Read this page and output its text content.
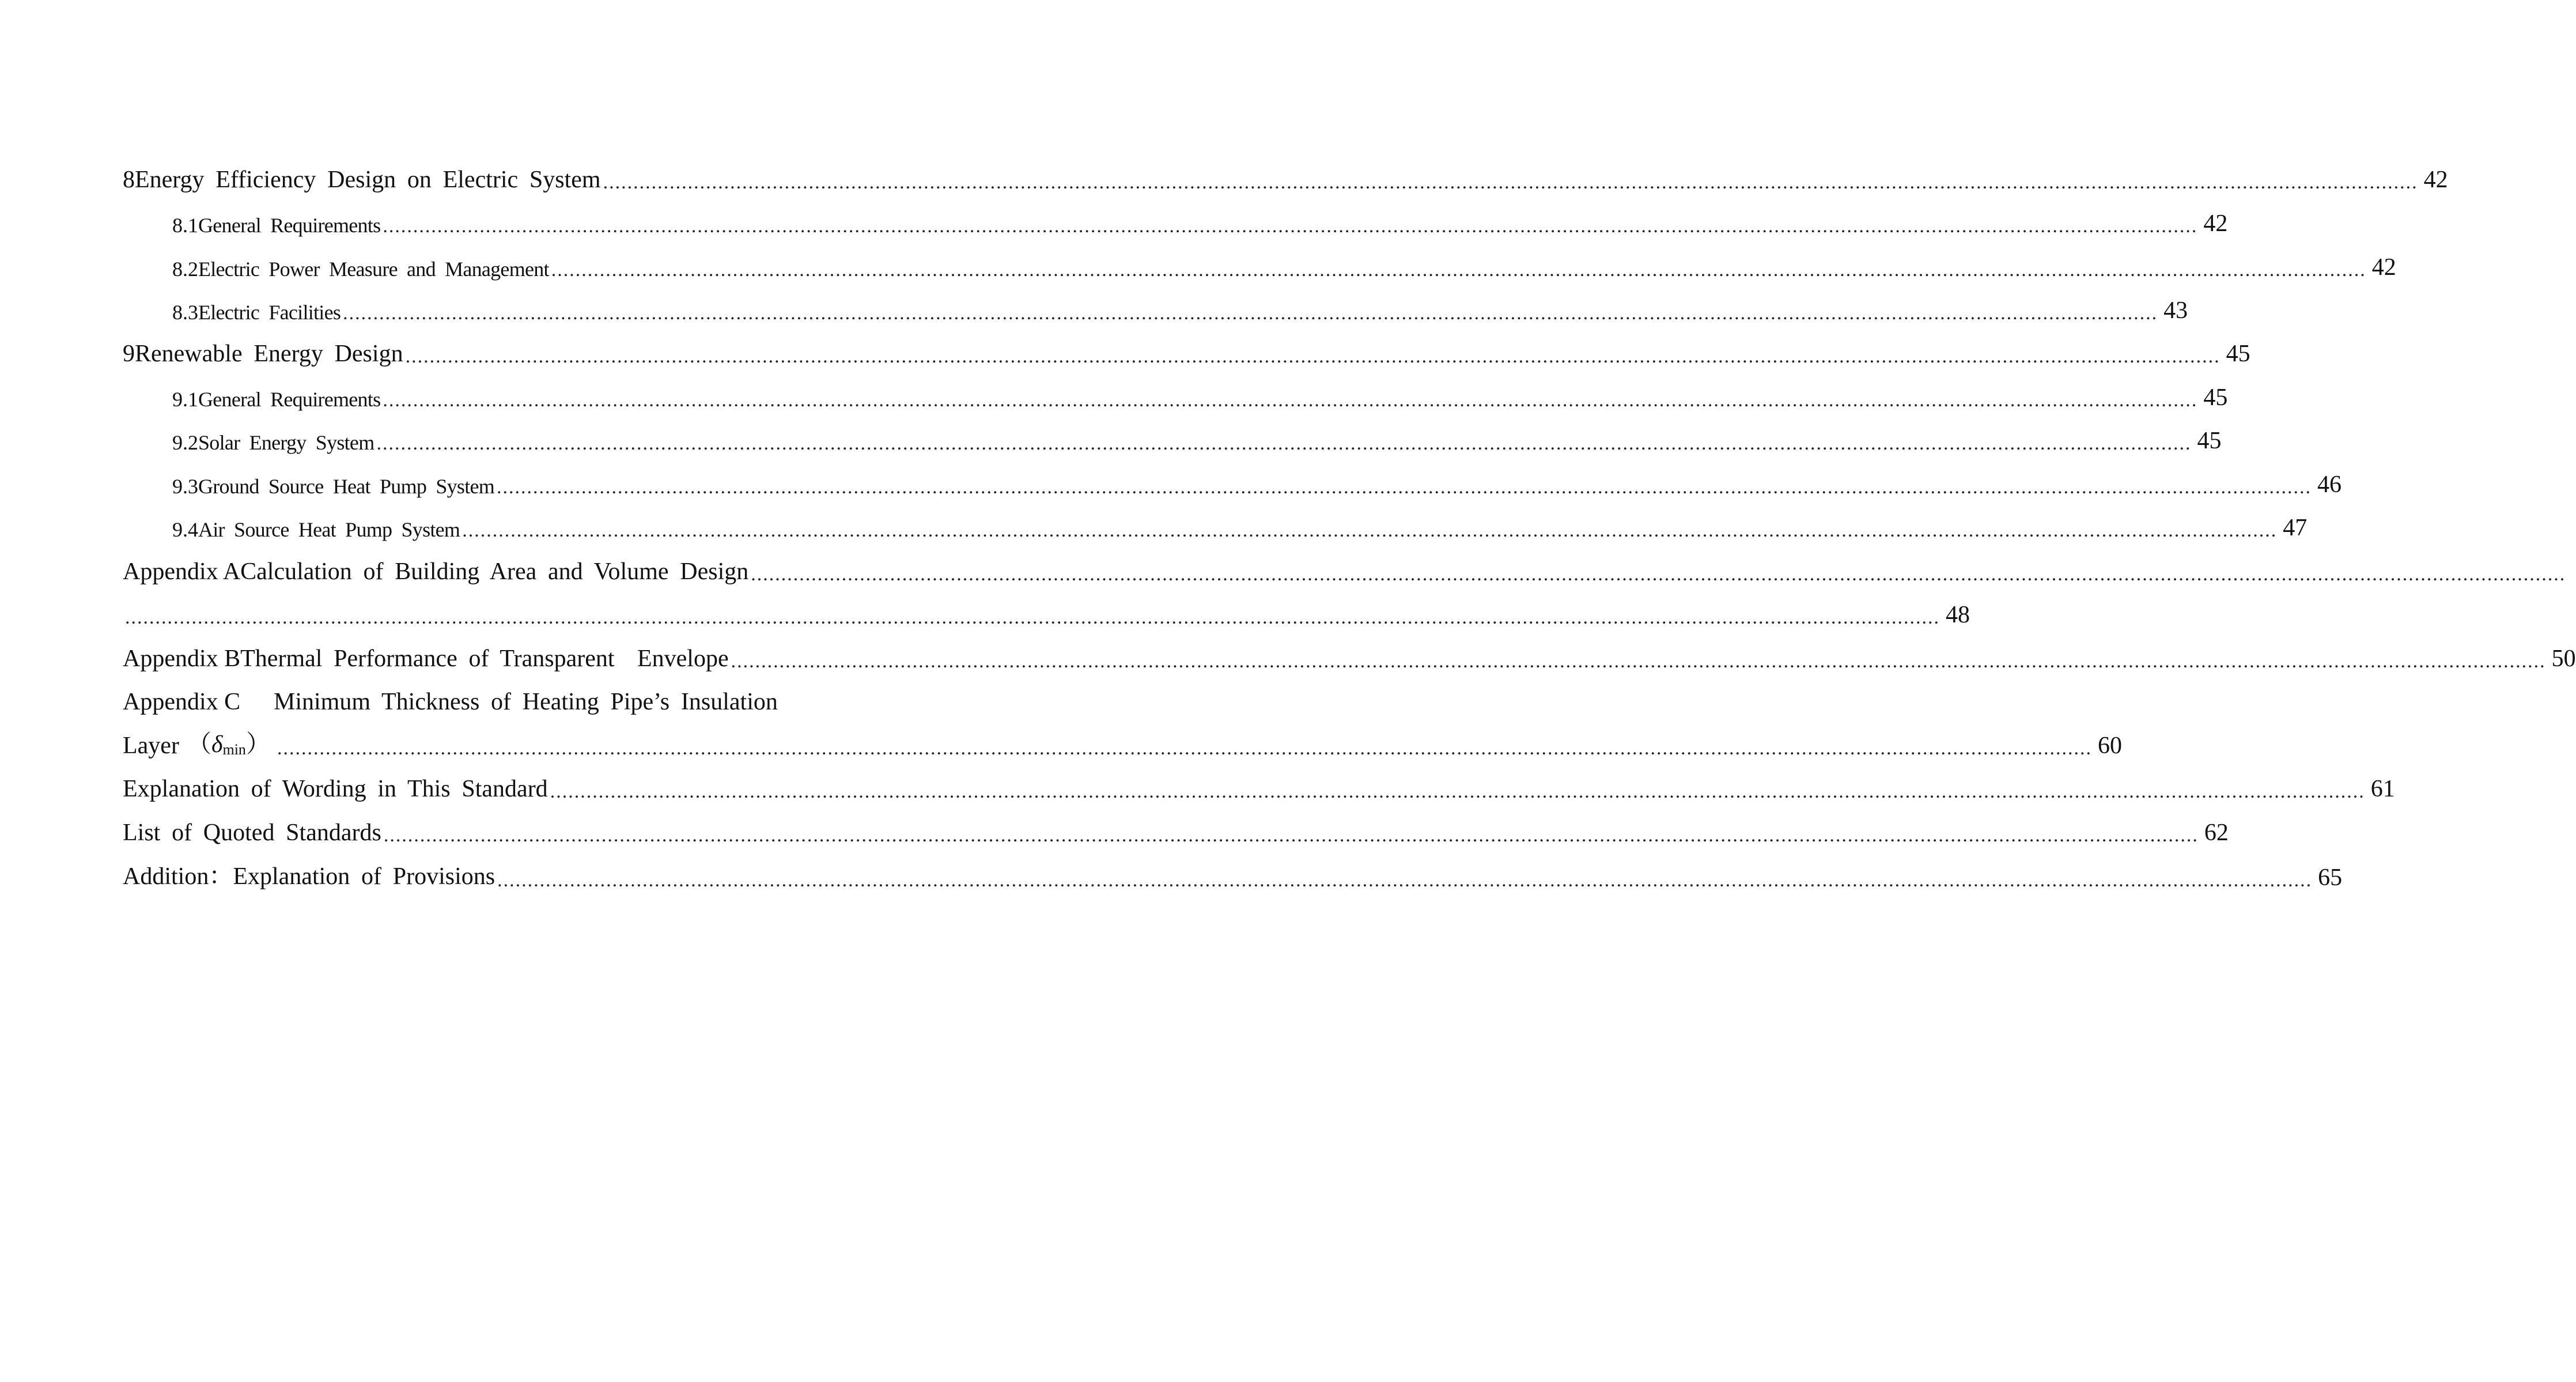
8 Energy Efficiency Design on Electric System ............................................................................................................................................................................................................................................................................................................ 42
8.1 General Requirements ............................................................................................................................................................................................................................................................................................................ 42
8.2 Electric Power Measure and Management ............................................................................................................................................................................................................................................................................................................ 42
8.3 Electric Facilities ............................................................................................................................................................................................................................................................................................................ 43
9 Renewable Energy Design ............................................................................................................................................................................................................................................................................................................ 45
9.1 General Requirements ............................................................................................................................................................................................................................................................................................................ 45
9.2 Solar Energy System ............................................................................................................................................................................................................................................................................................................ 45
9.3 Ground Source Heat Pump System ............................................................................................................................................................................................................................................................................................................ 46
9.4 Air Source Heat Pump System ............................................................................................................................................................................................................................................................................................................ 47
Appendix A Calculation of Building Area and Volume Design ............................................................................................................................................................................................................................................................................................................
............................................................................................................................................................................................................................................................................................................ 48
Appendix B Thermal Performance of Transparent  Envelope ............................................................................................................................................................................................................................................................................................................ 50
Appendix C	Minimum Thickness of Heating Pipe’s Insulation
Layer （δmin） ............................................................................................................................................................................................................................................................................................................ 60
Explanation of Wording in This Standard ............................................................................................................................................................................................................................................................................................................ 61
List of Quoted Standards ............................................................................................................................................................................................................................................................................................................ 62
Addition：Explanation of Provisions ............................................................................................................................................................................................................................................................................................................ 65
